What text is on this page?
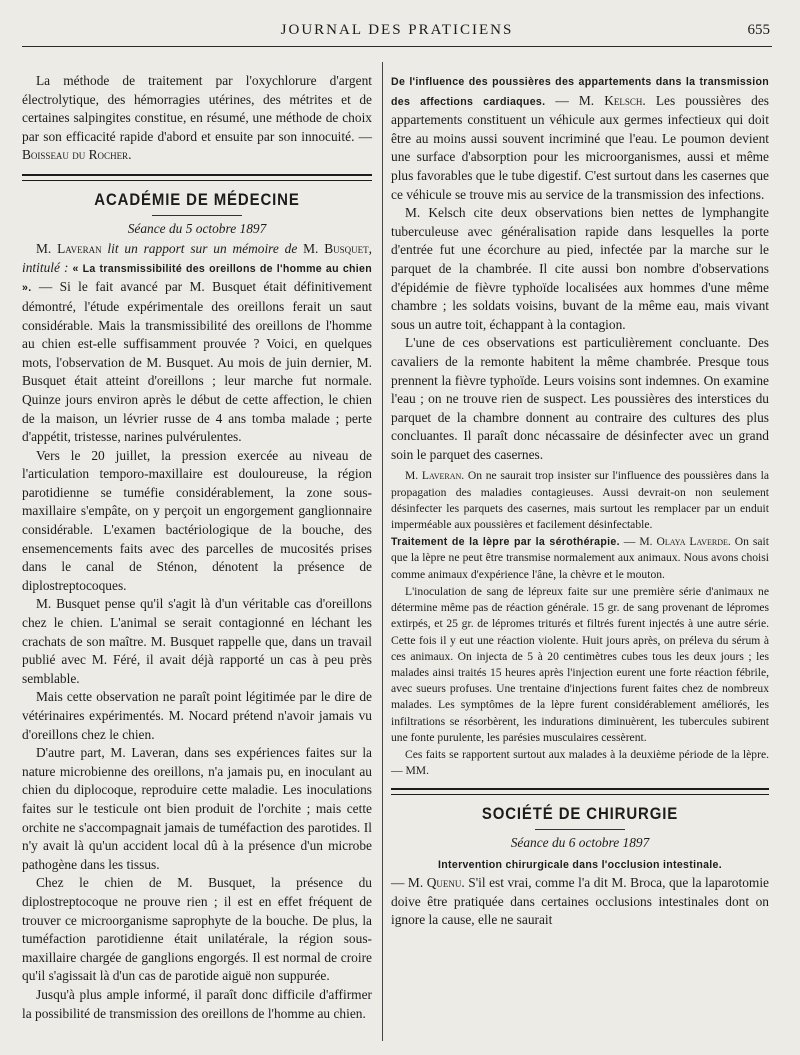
JOURNAL DES PRATICIENS	655

La méthode de traitement par l'oxychlorure d'argent électrolytique, des hémorragies utérines, des métrites et de certaines salpingites constitue, en résumé, une méthode de choix par son efficacité rapide d'abord et ensuite par son innocuité. — Boisseau du Rocher.

ACADÉMIE DE MÉDECINE
Séance du 5 octobre 1897

M. Laveran lit un rapport sur un mémoire de M. Busquet, intitulé : « La transmissibilité des oreillons de l'homme au chien ». — Si le fait avancé par M. Busquet était définitivement démontré, l'étude expérimentale des oreillons ferait un saut considérable. Mais la transmissibilité des oreillons de l'homme au chien est-elle suffisamment prouvée ? Voici, en quelques mots, l'observation de M. Busquet. Au mois de juin dernier, M. Busquet était atteint d'oreillons ; leur marche fut normale. Quinze jours environ après le début de cette affection, le chien de la maison, un lévrier russe de 4 ans tomba malade ; perte d'appétit, tristesse, narines pulvérulentes.

Vers le 20 juillet, la pression exercée au niveau de l'articulation temporo-maxillaire est douloureuse, la région parotidienne se tuméfie considérablement, la zone sous-maxillaire s'empâte, on y perçoit un engorgement ganglionnaire considérable. L'examen bactériologique de la bouche, des ensemencements faits avec des parcelles de mucosités prises dans le canal de Sténon, dénotent la présence de diplostreptocoques.

M. Busquet pense qu'il s'agit là d'un véritable cas d'oreillons chez le chien. L'animal se serait contagionné en léchant les crachats de son maître. M. Busquet rappelle que, dans un travail publié avec M. Féré, il avait déjà rapporté un cas à peu près semblable.

Mais cette observation ne paraît point légitimée par le dire de vétérinaires expérimentés. M. Nocard prétend n'avoir jamais vu d'oreillons chez le chien.

D'autre part, M. Laveran, dans ses expériences faites sur la nature microbienne des oreillons, n'a jamais pu, en inoculant au chien du diplocoque, reproduire cette maladie. Les inoculations faites sur le testicule ont bien produit de l'orchite ; mais cette orchite ne s'accompagnait jamais de tuméfaction des parotides. Il n'y avait là qu'un accident local dû à la présence d'un microbe pathogène dans les tissus.

Chez le chien de M. Busquet, la présence du diplostreptocoque ne prouve rien ; il est en effet fréquent de trouver ce microorganisme saprophyte de la bouche. De plus, la tuméfaction parotidienne était unilatérale, la région sous-maxillaire chargée de ganglions engorgés. Il est normal de croire qu'il s'agissait là d'un cas de parotide aiguë non suppurée.

Jusqu'à plus ample informé, il paraît donc difficile d'affirmer la possibilité de transmission des oreillons de l'homme au chien.

De l'influence des poussières des appartements dans la transmission des affections cardiaques. — M. Kelsch. Les poussières des appartements constituent un véhicule aux germes infectieux qui doit être au moins aussi souvent incriminé que l'eau. Le poumon devient une surface d'absorption pour les microorganismes, aussi et même plus favorables que le tube digestif. C'est surtout dans les casernes que ce véhicule se trouve mis au service de la transmission des infections.

M. Kelsch cite deux observations bien nettes de lymphangite tuberculeuse avec généralisation rapide dans lesquelles la porte d'entrée fut une écorchure au pied, infectée par la marche sur le parquet de la chambrée. Il cite aussi bon nombre d'observations d'épidémie de fièvre typhoïde localisées aux hommes d'une même chambre ; les soldats voisins, buvant de la même eau, mais vivant sous un autre toit, échappant à la contagion.

L'une de ces observations est particulièrement concluante. Des cavaliers de la remonte habitent la même chambrée. Presque tous prennent la fièvre typhoïde. Leurs voisins sont indemnes. On examine l'eau ; on ne trouve rien de suspect. Les poussières des interstices du parquet de la chambre donnent au contraire des cultures des plus concluantes. Il paraît donc nécassaire de désinfecter avec un grand soin le parquet des casernes.

M. Laveran. On ne saurait trop insister sur l'influence des poussières dans la propagation des maladies contagieuses. Aussi devrait-on non seulement désinfecter les parquets des casernes, mais surtout les remplacer par un enduit imperméable aux poussières et facilement désinfectable.

Traitement de la lèpre par la sérothérapie. — M. Olaya Laverde. On sait que la lèpre ne peut être transmise normalement aux animaux. Nous avons choisi comme animaux d'expérience l'âne, la chèvre et le mouton.

L'inoculation de sang de lépreux faite sur une première série d'animaux ne détermine même pas de réaction générale. 15 gr. de sang provenant de lépromes extirpés, et 25 gr. de lépromes triturés et filtrés furent injectés à une autre série. Cette fois il y eut une réaction violente. Huit jours après, on préleva du sérum à ces animaux. On injecta de 5 à 20 centimètres cubes tous les deux jours ; les malades ainsi traités 15 heures après l'injection eurent une forte réaction fébrile, avec sueurs profuses. Une trentaine d'injections furent faites chez de nombreux malades. Les symptômes de la lèpre furent considérablement améliorés, les infiltrations se résorbèrent, les indurations diminuèrent, les tubercules subirent une fonte purulente, les parésies musculaires cessèrent.

Ces faits se rapportent surtout aux malades à la deuxième période de la lèpre. — MM.

SOCIÉTÉ DE CHIRURGIE
Séance du 6 octobre 1897

Intervention chirurgicale dans l'occlusion intestinale.

— M. Quenu. S'il est vrai, comme l'a dit M. Broca, que la laparotomie doive être pratiquée dans certaines occlusions intestinales dont on ignore la cause, elle ne saurait
